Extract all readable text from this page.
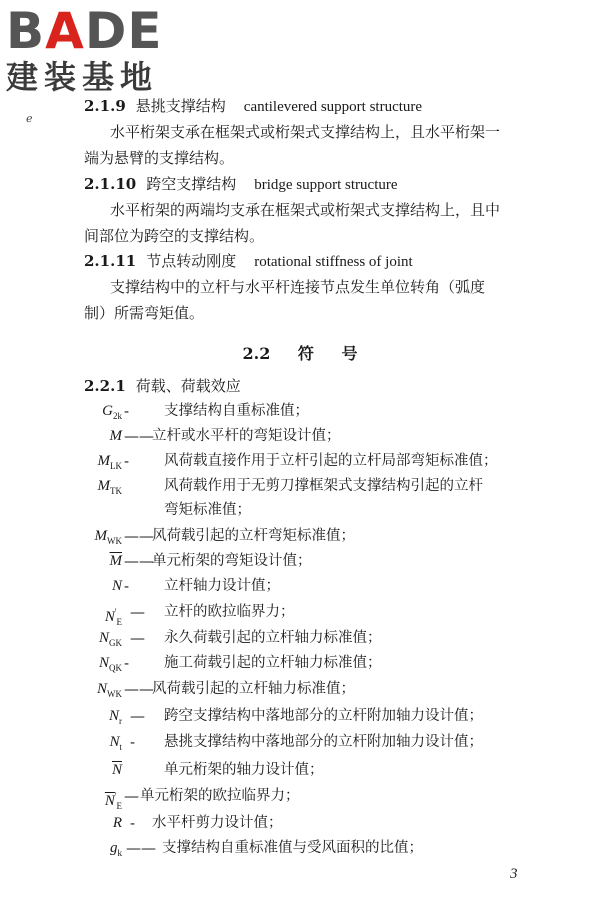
BADE
建装基地
ℯ
2.1.9 悬挑支撑结构 cantilevered support structure
水平桁架支承在框架式或桁架式支撑结构上，且水平桁架一
端为悬臂的支撑结构。
2.1.10 跨空支撑结构 bridge support structure
水平桁架的两端均支承在框架式或桁架式支撑结构上，且中
间部位为跨空的支撑结构。
2.1.11 节点转动刚度 rotational stiffness of joint
支撑结构中的立杆与水平杆连接节点发生单位转角（弧度
制）所需弯矩值。
2.2 符 号
2.2.1 荷载、荷载效应
$G_{2k}$ - 支撑结构自重标准值；
M ——
立杆或水平杆的弯矩设计值；
$M_{LK}$ - 风荷载直接作用于立杆引起的立杆局部弯矩标准值；
$M_{TK}$	风荷载作用于无剪刀撑框架式支撑结构引起的立杆
弯矩标准值；
$M_{WK}$ ——
风荷载引起的立杆弯矩标准值；
$\overline{M}$ ——
单元桁架的弯矩设计值；
N - 立杆轴力设计值；
$N'_E$
— 立杆的欧拉临界力；
$N_{GK}$ — 永久荷载引起的立杆轴力标准值；
$N_{QK}$ - 施工荷载引起的立杆轴力标准值；
$N_{WK}$ ——
风荷载引起的立杆轴力标准值；
$N_r$ — 跨空支撑结构中落地部分的立杆附加轴力设计值；
$N_t$ - 悬挑支撑结构中落地部分的立杆附加轴力设计值；
$\overline{N}$	单元桁架的轴力设计值；
$\overline{N}'_E$
— 单元桁架的欧拉临界力；
R - 水平杆剪力设计值；
$g_k$ —— 支撑结构自重标准值与受风面积的比值；
3
